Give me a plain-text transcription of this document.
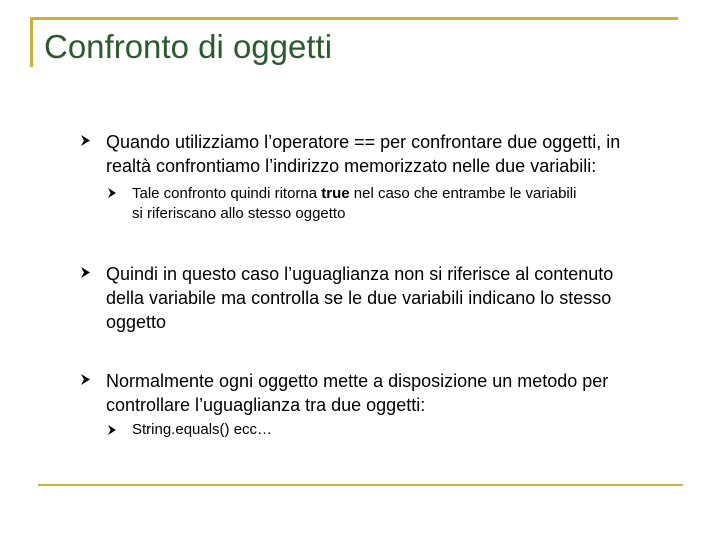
Confronto di oggetti
Quando utilizziamo l’operatore == per confrontare due oggetti, in
realtà confrontiamo l’indirizzo memorizzato nelle due variabili:
Tale confronto quindi ritorna true nel caso che entrambe le variabili
si riferiscano allo stesso oggetto
Quindi in questo caso l’uguaglianza non si riferisce al contenuto
della variabile ma controlla se le due variabili indicano lo stesso
oggetto
Normalmente ogni oggetto mette a disposizione un metodo per
controllare l’uguaglianza tra due oggetti:
String.equals() ecc…
